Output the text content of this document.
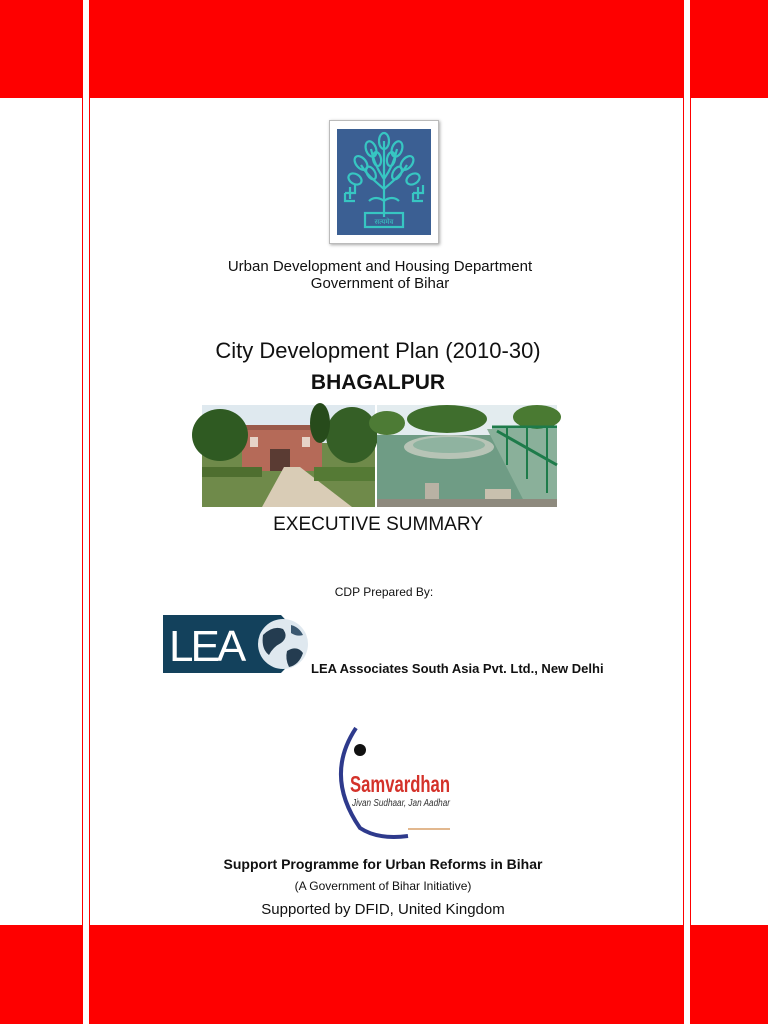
सत्यमेव
Urban Development and Housing Department
Government of Bihar
City Development Plan (2010-30)
BHAGALPUR
EXECUTIVE SUMMARY
CDP Prepared By:
LEA	LEA Associates South Asia Pvt. Ltd., New Delhi
Samvardhan
Jivan Sudhaar, Jan Aadhar
Support Programme for Urban Reforms in Bihar
(A Government of Bihar Initiative)
Supported by DFID, United Kingdom
